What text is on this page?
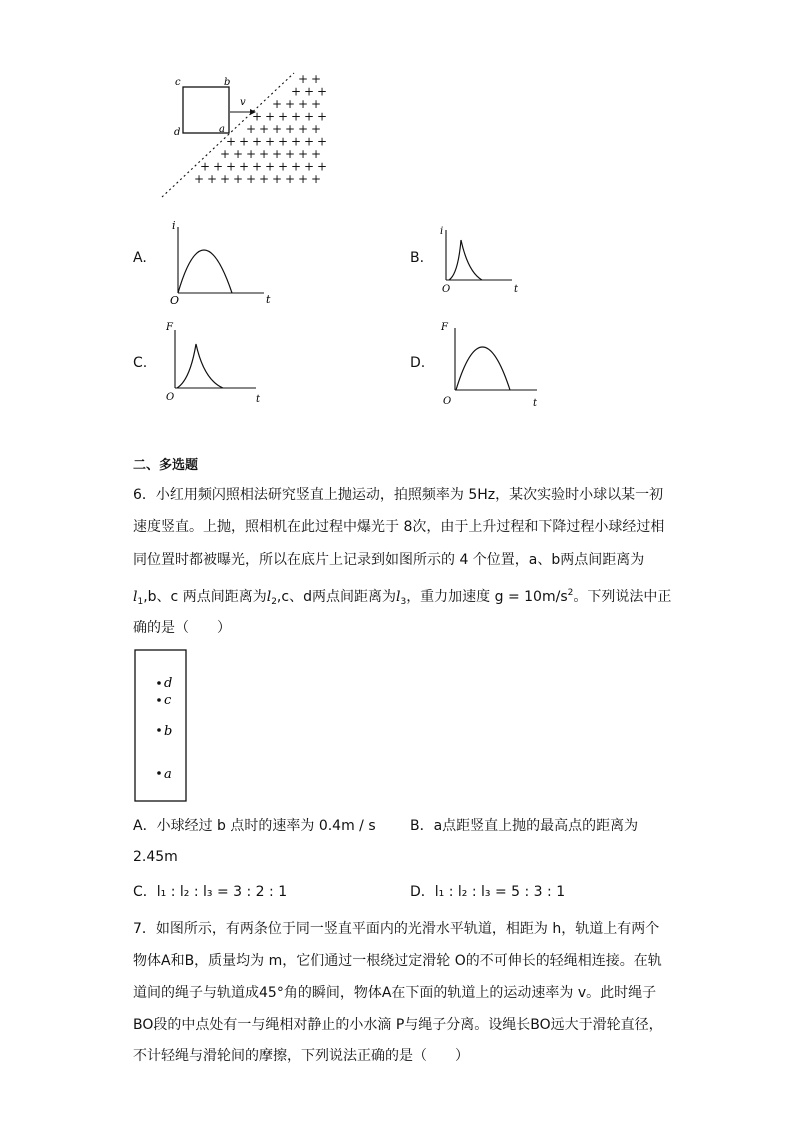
c	b
d	a
v
+ +
+ + +
+ + + +
+ + + + + +
+ + + + + +
+ + + + + + + +
+ + + + + + + +
+ + + + + + + + + +
+ + + + + + + + + +
A.
i
t
O
B.
i
t
O
C.
F
t
O
D.
F
t
O
二、多选题
6．小红用频闪照相法研究竖直上抛运动，拍照频率为 5Hz，某次实验时小球以某一初
速度竖直。上抛，照相机在此过程中爆光于 8次，由于上升过程和下降过程小球经过相
同位置时都被曝光，所以在底片上记录到如图所示的 4 个位置，a、b两点间距离为
$l_1,b$、c 两点间距离为$l_2,c$、d两点间距离为$l_3$，重力加速度 $g = 10m/s^2$。下列说法中正
确的是（　　）
d
c
b
a
A．小球经过 b 点时的速率为 0.4m / s B．a点距竖直上抛的最高点的距离为
2.45m
C．l₁ : l₂ : l₃ = 3 : 2 : 1	D．l₁ : l₂ : l₃ = 5 : 3 : 1
7．如图所示，有两条位于同一竖直平面内的光滑水平轨道，相距为 h，轨道上有两个
物体A和B，质量均为 m，它们通过一根绕过定滑轮 O的不可伸长的轻绳相连接。在轨
道间的绳子与轨道成45°角的瞬间，物体A在下面的轨道上的运动速率为 v。此时绳子
BO段的中点处有一与绳相对静止的小水滴 P与绳子分离。设绳长BO远大于滑轮直径，
不计轻绳与滑轮间的摩擦，下列说法正确的是（　　）
